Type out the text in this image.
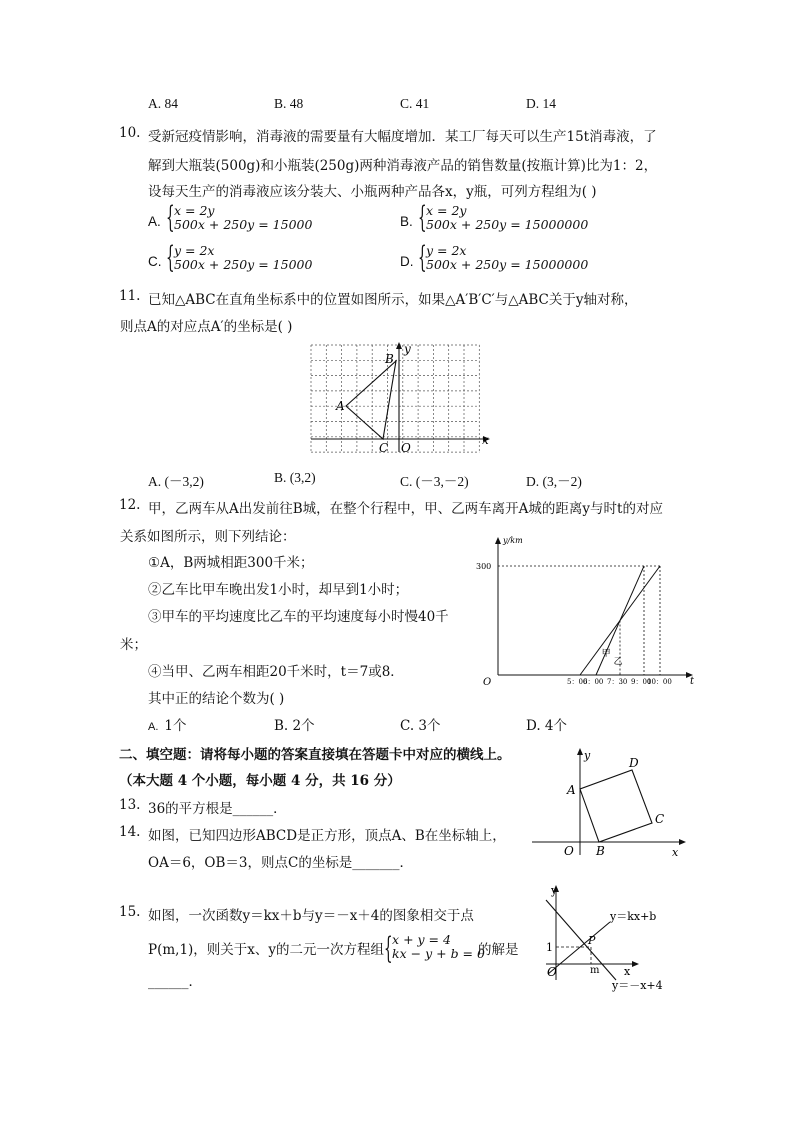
A. 84	B. 48	C. 41	D. 14
10. 受新冠疫情影响，消毒液的需要量有大幅度增加．某工厂每天可以生产15t消毒液，了
解到大瓶装(500g)和小瓶装(250g)两种消毒液产品的销售数量(按瓶计算)比为1：2，
设每天生产的消毒液应该分装大、小瓶两种产品各x，y瓶，可列方程组为( )
A. { x = 2y
500x + 250y = 15000	B. { x = 2y
500x + 250y = 15000000
C. { y = 2x
500x + 250y = 15000	D. { y = 2x
500x + 250y = 15000000
11. 已知△ABC在直角坐标系中的位置如图所示，如果△A′B′C′与△ABC关于y轴对称，
则点A的对应点A′的坐标是( )
A
B
C O
x
y
A. (－3,2)	B. (3,2)	C. (－3,－2)	D. (3,－2)
12. 甲，乙两车从A出发前往B城，在整个行程中，甲、乙两车离开A城的距离y与时t的对应
关系如图所示，则下列结论：
①A，B两城相距300千米；
②乙车比甲车晚出发1小时，却早到1小时；
③甲车的平均速度比乙车的平均速度每小时慢40千
米；
④当甲、乙两车相距20千米时，t＝7或8．
其中正的结论个数为( )
A. 1个	B. 2个	C. 3个	D. 4个
y/km
t
O
300
5：00
6：00 7：30 9：00
10：00
甲
乙
二、填空题：请将每小题的答案直接填在答题卡中对应的横线上。
（本大题 4 个小题，每小题 4 分，共 16 分）
13. 36的平方根是______．
14. 如图，已知四边形ABCD是正方形，顶点A、B在坐标轴上，
OA＝6，OB＝3，则点C的坐标是_______．
A
B
C
D
O	x
y
15. 如图，一次函数y＝kx＋b与y＝－x＋4的图象相交于点
P(m,1)，则关于x、y的二元一次方程组 { x + y = 4
kx − y + b = 0
的解是
______．
y
x
O
P
1
m
y＝kx+b
y＝－x+4
